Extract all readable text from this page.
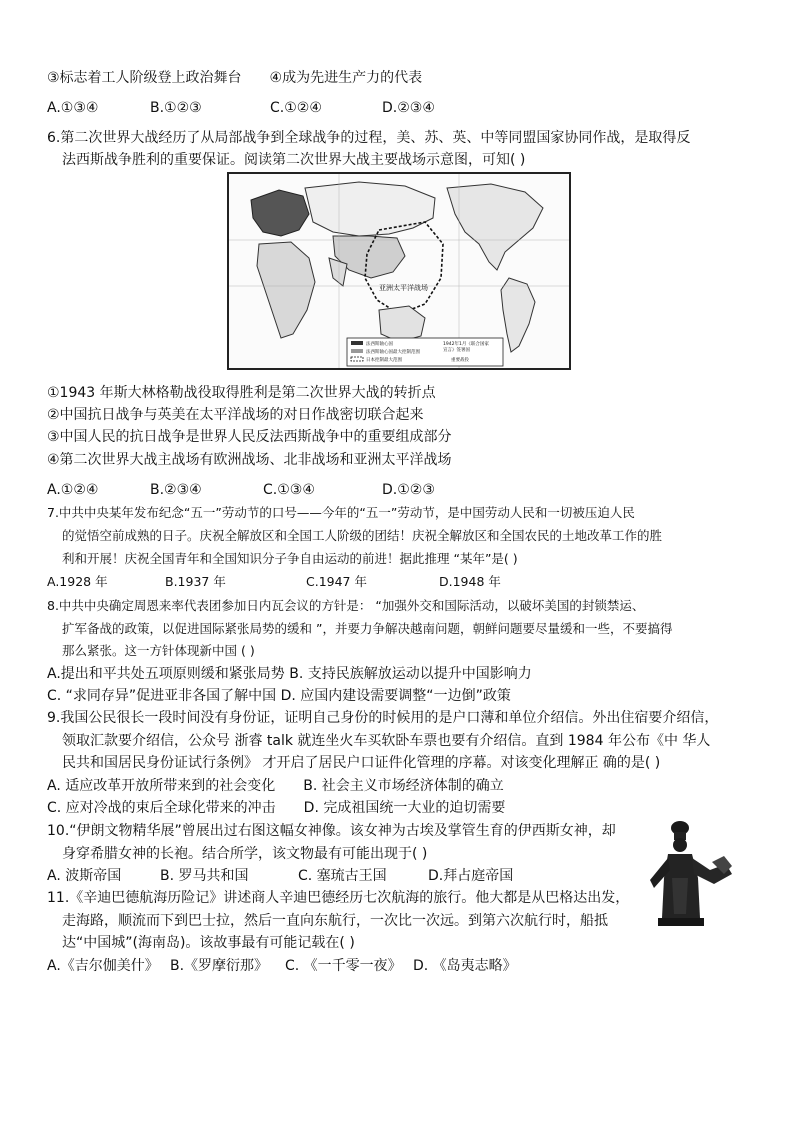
③标志着工人阶级登上政治舞台　　④成为先进生产力的代表
A.①③④	B.①②③	C.①②④	D.②③④
6.第二次世界大战经历了从局部战争到全球战争的过程，美、苏、英、中等同盟国家协同作战，是取得反
法西斯战争胜利的重要保证。阅读第二次世界大战主要战场示意图，可知( )
亚洲太平洋战场
法西斯轴心国
法西斯轴心国最大控制范围
日本控制最大范围
1942年1月《联合国家
宣言》签署国
重要战役
①1943 年斯大林格勒战役取得胜利是第二次世界大战的转折点
②中国抗日战争与英美在太平洋战场的对日作战密切联合起来
③中国人民的抗日战争是世界人民反法西斯战争中的重要组成部分
④第二次世界大战主战场有欧洲战场、北非战场和亚洲太平洋战场
A.①②④	B.②③④	C.①③④	D.①②③
7.中共中央某年发布纪念“五一”劳动节的口号——今年的“五一”劳动节，是中国劳动人民和一切被压迫人民
的觉悟空前成熟的日子。庆祝全解放区和全国工人阶级的团结！庆祝全解放区和全国农民的土地改革工作的胜
利和开展！庆祝全国青年和全国知识分子争自由运动的前进！据此推理 “某年”是( )
A.1928 年	B.1937 年	C.1947 年	D.1948 年
8.中共中央确定周恩来率代表团参加日内瓦会议的方针是： “加强外交和国际活动，以破坏美国的封锁禁运、
扩军备战的政策，以促进国际紧张局势的缓和 ”，并要力争解决越南问题，朝鲜问题要尽量缓和一些，不要搞得
那么紧张。这一方针体现新中国 ( )
A.提出和平共处五项原则缓和紧张局势 B. 支持民族解放运动以提升中国影响力
C. “求同存异”促进亚非各国了解中国 D. 应国内建设需要调整“一边倒”政策
9.我国公民很长一段时间没有身份证，证明自己身份的时候用的是户口薄和单位介绍信。外出住宿要介绍信，
领取汇款要介绍信，公众号 浙睿 talk 就连坐火车买软卧车票也要有介绍信。直到 1984 年公布《中 华人
民共和国居民身份证试行条例》 才开启了居民户口证件化管理的序幕。对该变化理解正 确的是( )
A. 适应改革开放所带来到的社会变化　　B. 社会主义市场经济体制的确立
C. 应对冷战的束后全球化带来的冲击　　D. 完成祖国统一大业的迫切需要
10.“伊朗文物精华展”曾展出过右图这幅女神像。该女神为古埃及掌管生育的伊西斯女神，却
身穿希腊女神的长袍。结合所学，该文物最有可能出现于( )
A. 波斯帝国	B. 罗马共和国	C. 塞琉古王国	D.拜占庭帝国
11.《辛迪巴德航海历险记》讲述商人辛迪巴德经历七次航海的旅行。他大都是从巴格达出发，
走海路，顺流而下到巴士拉，然后一直向东航行，一次比一次远。到第六次航行时，船抵
达“中国城”(海南岛)。该故事最有可能记载在( )
A.《吉尔伽美什》 B.《罗摩衍那》 C. 《一千零一夜》 D. 《岛夷志略》
